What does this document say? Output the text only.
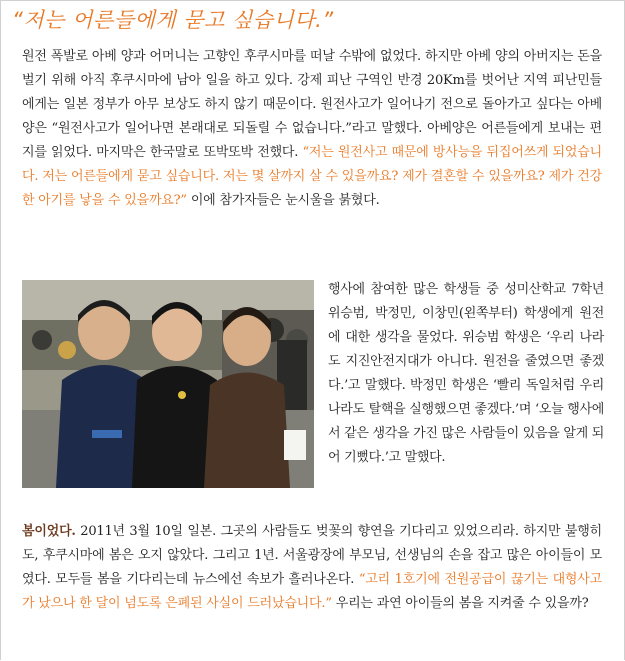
“저는 어른들에게 묻고 싶습니다.”
원전 폭발로 아베 양과 어머니는 고향인 후쿠시마를 떠날 수밖에 없었다. 하지만 아베 양의 아버지는 돈을 벌기 위해 아직 후쿠시마에 남아 일을 하고 있다. 강제 피난 구역인 반경 20Km를 벗어난 지역 피난민들에게는 일본 정부가 아무 보상도 하지 않기 때문이다. 원전사고가 일어나기 전으로 돌아가고 싶다는 아베양은 “원전사고가 일어나면 본래대로 되돌릴 수 없습니다.”라고 말했다. 아베양은 어른들에게 보내는 편지를 읽었다. 마지막은 한국말로 또박또박 전했다. “저는 원전사고 때문에 방사능을 뒤집어쓰게 되었습니다. 저는 어른들에게 묻고 싶습니다. 저는 몇 살까지 살 수 있을까요? 제가 결혼할 수 있을까요? 제가 건강한 아기를 낳을 수 있을까요?” 이에 참가자들은 눈시울을 붉혔다.
행사에 참여한 많은 학생들 중 성미산학교 7학년 위승범, 박정민, 이창민(왼쪽부터) 학생에게 원전에 대한 생각을 물었다. 위승범 학생은 ‘우리 나라도 지진안전지대가 아니다. 원전을 줄였으면 좋겠다.’고 말했다. 박정민 학생은 ‘빨리 독일처럼 우리나라도 탈핵을 실행했으면 좋겠다.’며 ‘오늘 행사에서 같은 생각을 가진 많은 사람들이 있음을 알게 되어 기뻤다.’고 말했다.
봄이었다. 2011년 3월 10일 일본. 그곳의 사람들도 벚꽃의 향연을 기다리고 있었으리라. 하지만 불행히도, 후쿠시마에 봄은 오지 않았다. 그리고 1년. 서울광장에 부모님, 선생님의 손을 잡고 많은 아이들이 모였다. 모두들 봄을 기다리는데 뉴스에선 속보가 흘러나온다. “고리 1호기에 전원공급이 끊기는 대형사고가 났으나 한 달이 넘도록 은폐된 사실이 드러났습니다.” 우리는 과연 아이들의 봄을 지켜줄 수 있을까?
